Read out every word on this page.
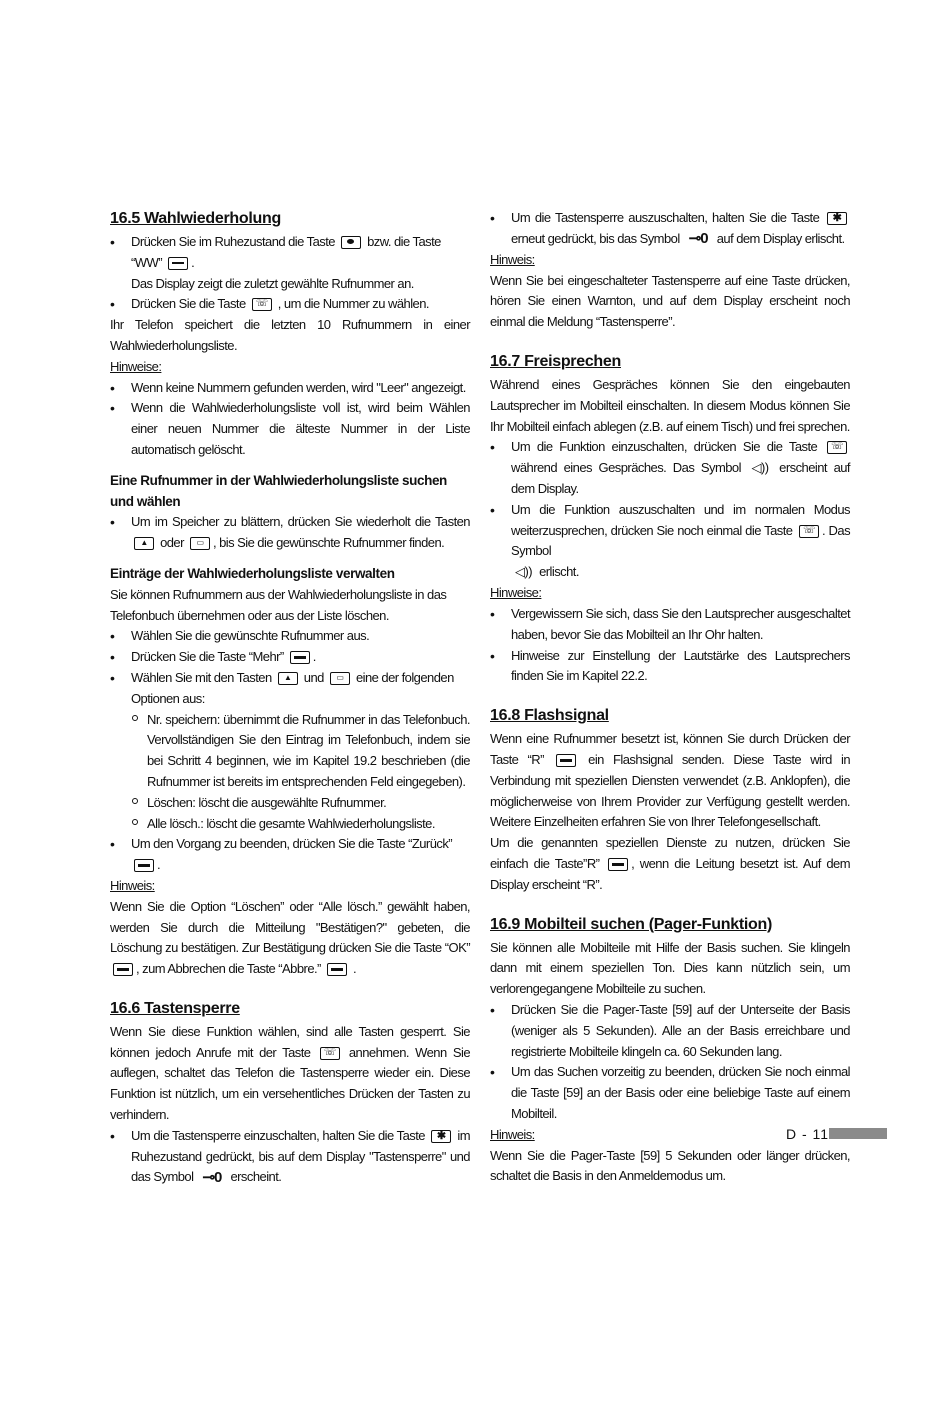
16.5 Wahlwiederholung
• Drücken Sie im Ruhezustand die Taste bzw. die Taste “WW” .
Das Display zeigt die zuletzt gewählte Rufnummer an.
• Drücken Sie die Taste ☏ , um die Nummer zu wählen.

Ihr Telefon speichert die letzten 10 Rufnummern in einer Wahlwiederholungsliste.

Hinweise:

• Wenn keine Nummern gefunden werden, wird "Leer" angezeigt.
• Wenn die Wahlwiederholungsliste voll ist, wird beim Wählen einer neuen Nummer die älteste Nummer in der Liste automatisch gelöscht.
Eine Rufnummer in der Wahlwiederholungsliste suchen und wählen
• Um im Speicher zu blättern, drücken Sie wiederholt die Tasten ▲ oder ▭ , bis Sie die gewünschte Rufnummer finden.
Einträge der Wahlwiederholungsliste verwalten

Sie können Rufnummern aus der Wahlwiederholungsliste in das Telefonbuch übernehmen oder aus der Liste löschen.

• Wählen Sie die gewünschte Rufnummer aus.
• Drücken Sie die Taste “Mehr” .
• Wählen Sie mit den Tasten ▲ und ▭ eine der folgenden Optionen aus:
Nr. speichern: übernimmt die Rufnummer in das Telefonbuch. Vervollständigen Sie den Eintrag im Telefonbuch, indem sie bei Schritt 4 beginnen, wie im Kapitel 19.2 beschrieben (die Rufnummer ist bereits im entsprechenden Feld eingegeben).
Löschen: löscht die ausgewählte Rufnummer.
Alle lösch.: löscht die gesamte Wahlwiederholungsliste.
• Um den Vorgang zu beenden, drücken Sie die Taste “Zurück” .

Hinweis:

Wenn Sie die Option “Löschen” oder “Alle lösch.” gewählt haben, werden Sie durch die Mitteilung "Bestätigen?" gebeten, die Löschung zu bestätigen. Zur Bestätigung drücken Sie die Taste “OK” , zum Abbrechen die Taste “Abbre.” .

16.6 Tastensperre

Wenn Sie diese Funktion wählen, sind alle Tasten gesperrt. Sie können jedoch Anrufe mit der Taste ☏ annehmen. Wenn Sie auflegen, schaltet das Telefon die Tastensperre wieder ein. Diese Funktion ist nützlich, um ein versehentliches Drücken der Tasten zu verhindern.

• Um die Tastensperre einzuschalten, halten Sie die Taste ✱ im Ruhezustand gedrückt, bis auf dem Display "Tastensperre" und das Symbol ⊸0 erscheint.
• Um die Tastensperre auszuschalten, halten Sie die Taste ✱ erneut gedrückt, bis das Symbol ⊸0 auf dem Display erlischt.

Hinweis:

Wenn Sie bei eingeschalteter Tastensperre auf eine Taste drücken, hören Sie einen Warnton, und auf dem Display erscheint noch einmal die Meldung “Tastensperre”.

16.7 Freisprechen

Während eines Gespräches können Sie den eingebauten Lautsprecher im Mobilteil einschalten. In diesem Modus können Sie Ihr Mobilteil einfach ablegen (z.B. auf einem Tisch) und frei sprechen.

• Um die Funktion einzuschalten, drücken Sie die Taste ☏ während eines Gespräches. Das Symbol ◁)) erscheint auf dem Display.
• Um die Funktion auszuschalten und im normalen Modus weiterzusprechen, drücken Sie noch einmal die Taste ☏ . Das Symbol
◁)) erlischt.

Hinweise:

• Vergewissern Sie sich, dass Sie den Lautsprecher ausgeschaltet haben, bevor Sie das Mobilteil an Ihr Ohr halten.
• Hinweise zur Einstellung der Lautstärke des Lautsprechers finden Sie im Kapitel 22.2.
16.8 Flashsignal

Wenn eine Rufnummer besetzt ist, können Sie durch Drücken der Taste “R”	ein Flashsignal senden. Diese Taste wird in Verbindung mit speziellen Diensten verwendet (z.B. Anklopfen), die möglicherweise von Ihrem Provider zur Verfügung gestellt werden. Weitere Einzelheiten erfahren Sie von Ihrer Telefongesellschaft.

Um die genannten speziellen Dienste zu nutzen, drücken Sie einfach die Taste”R” , wenn die Leitung besetzt ist. Auf dem Display erscheint “R”.

16.9 Mobilteil suchen (Pager-Funktion)

Sie können alle Mobilteile mit Hilfe der Basis suchen. Sie klingeln dann mit einem speziellen Ton. Dies kann nützlich sein, um verlorengegangene Mobilteile zu suchen.

• Drücken Sie die Pager-Taste [59] auf der Unterseite der Basis (weniger als 5 Sekunden). Alle an der Basis erreichbare und registrierte Mobilteile klingeln ca. 60 Sekunden lang.
• Um das Suchen vorzeitig zu beenden, drücken Sie noch einmal die Taste [59] an der Basis oder eine beliebige Taste auf einem Mobilteil.

Hinweis:

Wenn Sie die Pager-Taste [59] 5 Sekunden oder länger drücken, schaltet die Basis in den Anmeldemodus um.

D - 11
